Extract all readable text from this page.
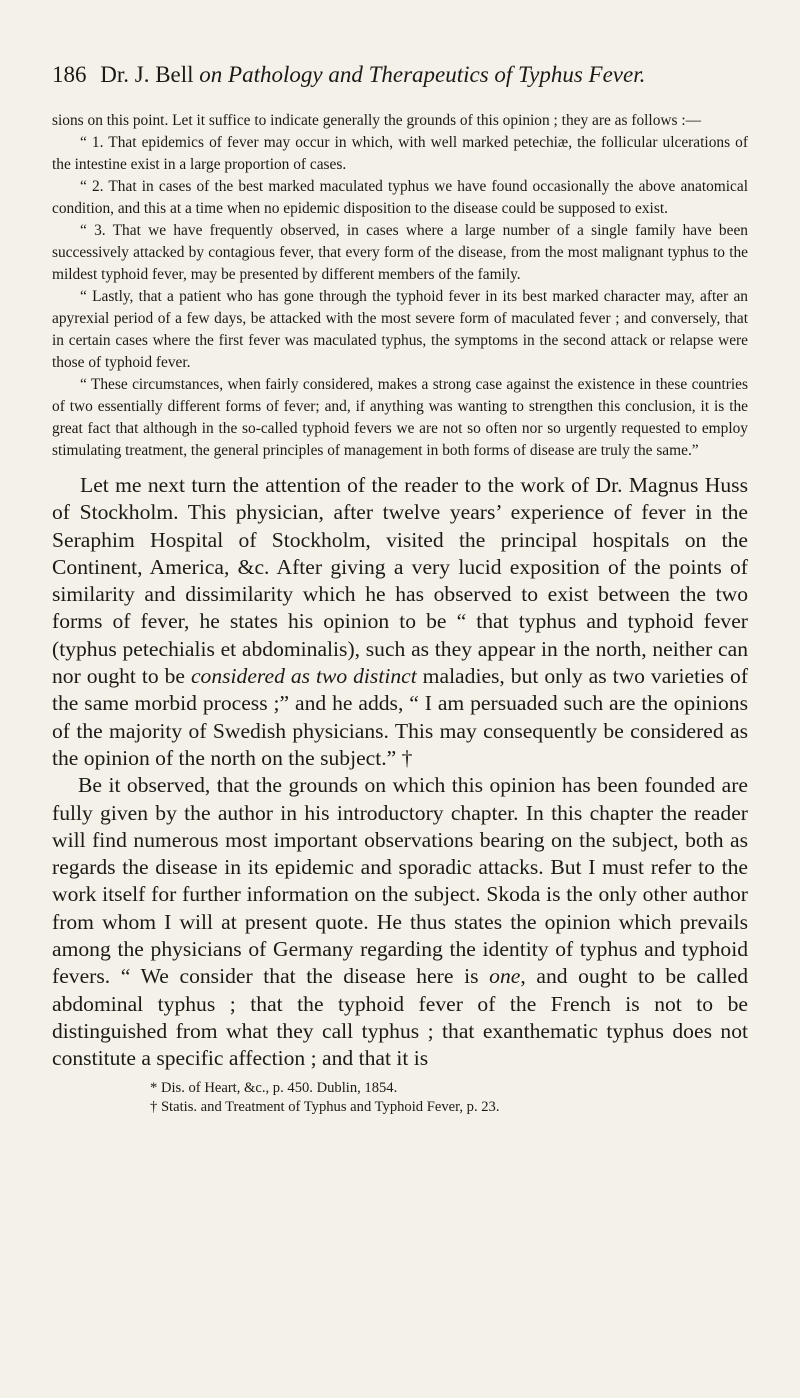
186 Dr. J. Bell on Pathology and Therapeutics of Typhus Fever.

sions on this point. Let it suffice to indicate generally the grounds of this opinion ; they are as follows :—

“ 1. That epidemics of fever may occur in which, with well marked petechiæ, the follicular ulcerations of the intestine exist in a large proportion of cases.

“ 2. That in cases of the best marked maculated typhus we have found occasionally the above anatomical condition, and this at a time when no epidemic disposition to the disease could be supposed to exist.

“ 3. That we have frequently observed, in cases where a large number of a single family have been successively attacked by contagious fever, that every form of the disease, from the most malignant typhus to the mildest typhoid fever, may be presented by different members of the family.

“ Lastly, that a patient who has gone through the typhoid fever in its best marked character may, after an apyrexial period of a few days, be attacked with the most severe form of maculated fever ; and conversely, that in certain cases where the first fever was maculated typhus, the symptoms in the second attack or relapse were those of typhoid fever.

“ These circumstances, when fairly considered, makes a strong case against the existence in these countries of two essentially different forms of fever; and, if anything was wanting to strengthen this conclusion, it is the great fact that although in the so-called typhoid fevers we are not so often nor so urgently requested to employ stimulating treatment, the general principles of management in both forms of disease are truly the same.”

Let me next turn the attention of the reader to the work of Dr. Magnus Huss of Stockholm. This physician, after twelve years’ experience of fever in the Seraphim Hospital of Stockholm, visited the principal hospitals on the Continent, America, &c. After giving a very lucid exposition of the points of similarity and dissimilarity which he has observed to exist between the two forms of fever, he states his opinion to be “ that typhus and typhoid fever (typhus petechialis et abdominalis), such as they appear in the north, neither can nor ought to be considered as two distinct maladies, but only as two varieties of the same morbid process ;” and he adds, “ I am persuaded such are the opinions of the majority of Swedish physicians. This may consequently be considered as the opinion of the north on the subject.” †

Be it observed, that the grounds on which this opinion has been founded are fully given by the author in his introductory chapter. In this chapter the reader will find numerous most important observations bearing on the subject, both as regards the disease in its epidemic and sporadic attacks. But I must refer to the work itself for further information on the subject. Skoda is the only other author from whom I will at present quote. He thus states the opinion which prevails among the physicians of Germany regarding the identity of typhus and typhoid fevers. “ We consider that the disease here is one, and ought to be called abdominal typhus ; that the typhoid fever of the French is not to be distinguished from what they call typhus ; that exanthematic typhus does not constitute a specific affection ; and that it is

* Dis. of Heart, &c., p. 450. Dublin, 1854.
† Statis. and Treatment of Typhus and Typhoid Fever, p. 23.
